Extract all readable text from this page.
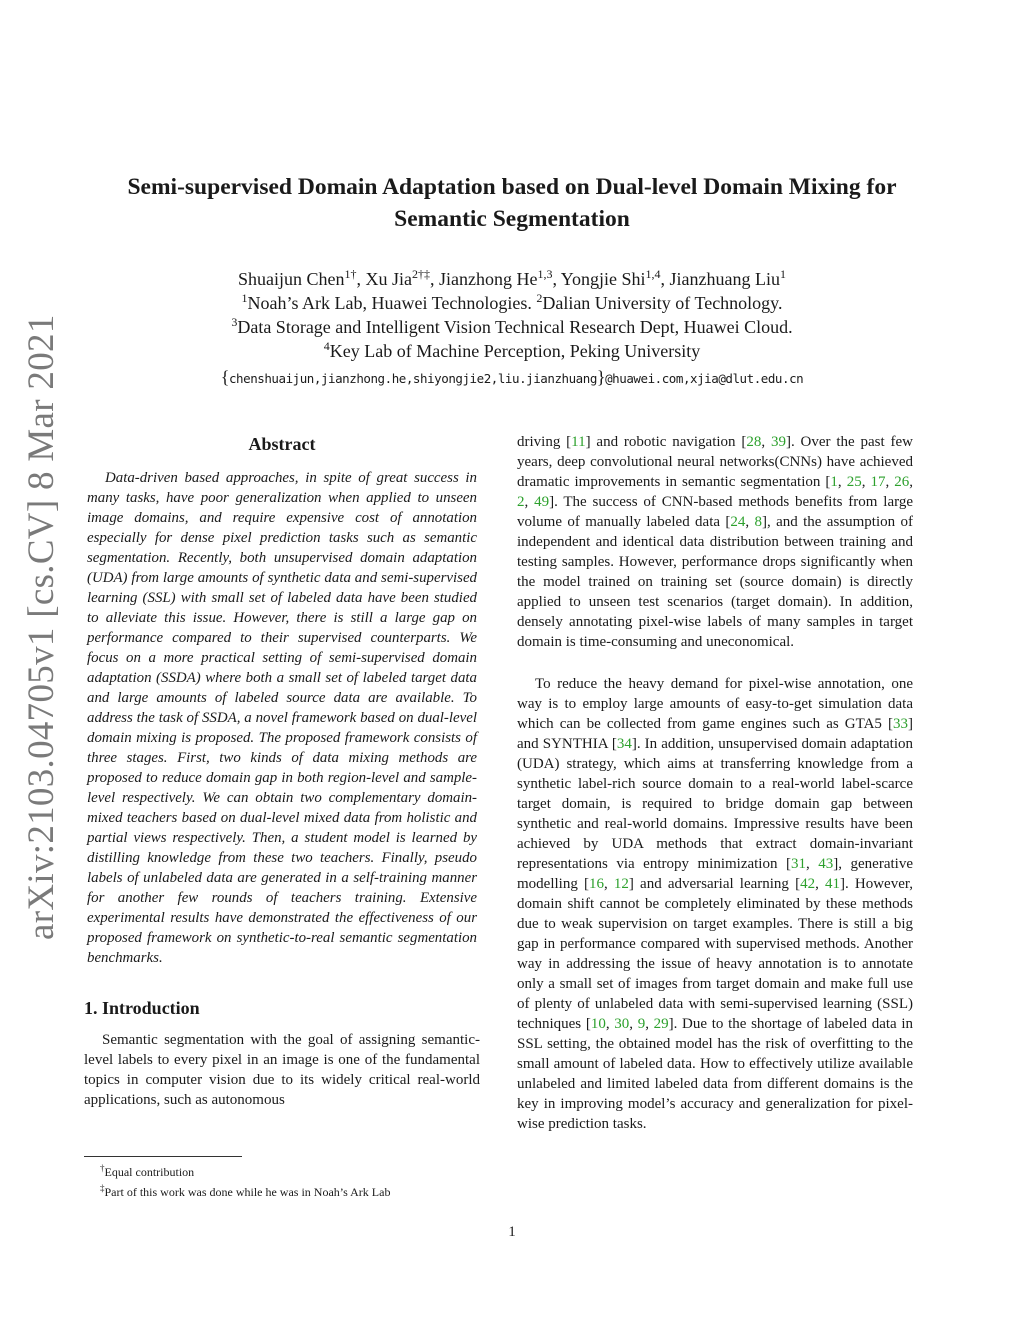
arXiv:2103.04705v1 [cs.CV] 8 Mar 2021
Semi-supervised Domain Adaptation based on Dual-level Domain Mixing for
Semantic Segmentation
Shuaijun Chen$^{1\dagger}$, Xu Jia$^{2\dagger\ddagger}$, Jianzhong He$^{1,3}$, Yongjie Shi$^{1,4}$, Jianzhuang Liu$^1$
$^1$Noah’s Ark Lab, Huawei Technologies. $^2$Dalian University of Technology.
$^3$Data Storage and Intelligent Vision Technical Research Dept, Huawei Cloud.
$^4$Key Lab of Machine Perception, Peking University
{chenshuaijun,jianzhong.he,shiyongjie2,liu.jianzhuang}@huawei.com,xjia@dlut.edu.cn
Abstract

Data-driven based approaches, in spite of great success in many tasks, have poor generalization when applied to unseen image domains, and require expensive cost of annotation especially for dense pixel prediction tasks such as semantic segmentation. Recently, both unsupervised domain adaptation (UDA) from large amounts of synthetic data and semi-supervised learning (SSL) with small set of labeled data have been studied to alleviate this issue. However, there is still a large gap on performance compared to their supervised counterparts. We focus on a more practical setting of semi-supervised domain adaptation (SSDA) where both a small set of labeled target data and large amounts of labeled source data are available. To address the task of SSDA, a novel framework based on dual-level domain mixing is proposed. The proposed framework consists of three stages. First, two kinds of data mixing methods are proposed to reduce domain gap in both region-level and sample-level respectively. We can obtain two complementary domain-mixed teachers based on dual-level mixed data from holistic and partial views respectively. Then, a student model is learned by distilling knowledge from these two teachers. Finally, pseudo labels of unlabeled data are generated in a self-training manner for another few rounds of teachers training. Extensive experimental results have demonstrated the effectiveness of our proposed framework on synthetic-to-real semantic segmentation benchmarks.

1. Introduction

Semantic segmentation with the goal of assigning semantic-level labels to every pixel in an image is one of the fundamental topics in computer vision due to its widely critical real-world applications, such as autonomous

driving [11] and robotic navigation [28, 39]. Over the past few years, deep convolutional neural networks(CNNs) have achieved dramatic improvements in semantic segmentation [1, 25, 17, 26, 2, 49]. The success of CNN-based methods benefits from large volume of manually labeled data [24, 8], and the assumption of independent and identical data distribution between training and testing samples. However, performance drops significantly when the model trained on training set (source domain) is directly applied to unseen test scenarios (target domain). In addition, densely annotating pixel-wise labels of many samples in target domain is time-consuming and uneconomical.

To reduce the heavy demand for pixel-wise annotation, one way is to employ large amounts of easy-to-get simulation data which can be collected from game engines such as GTA5 [33] and SYNTHIA [34]. In addition, unsupervised domain adaptation (UDA) strategy, which aims at transferring knowledge from a synthetic label-rich source domain to a real-world label-scarce target domain, is required to bridge domain gap between synthetic and real-world domains. Impressive results have been achieved by UDA methods that extract domain-invariant representations via entropy minimization [31, 43], generative modelling [16, 12] and adversarial learning [42, 41]. However, domain shift cannot be completely eliminated by these methods due to weak supervision on target examples. There is still a big gap in performance compared with supervised methods. Another way in addressing the issue of heavy annotation is to annotate only a small set of images from target domain and make full use of plenty of unlabeled data with semi-supervised learning (SSL) techniques [10, 30, 9, 29]. Due to the shortage of labeled data in SSL setting, the obtained model has the risk of overfitting to the small amount of labeled data. How to effectively utilize available unlabeled and limited labeled data from different domains is the key in improving model’s accuracy and generalization for pixel-wise prediction tasks.

†Equal contribution

‡Part of this work was done while he was in Noah’s Ark Lab

1
